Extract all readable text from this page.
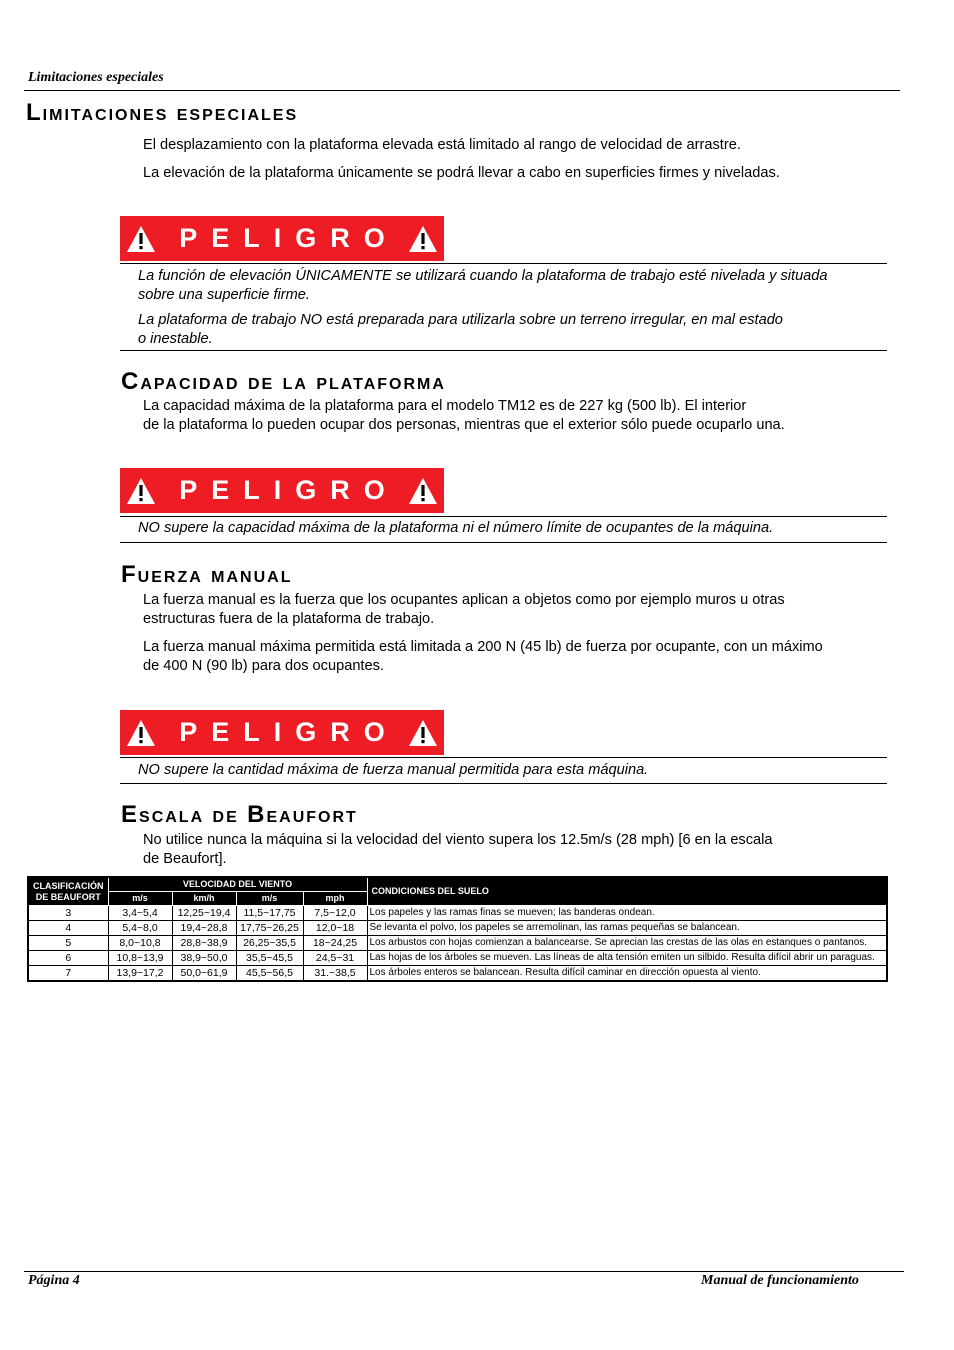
Limitaciones especiales
Limitaciones especiales
El desplazamiento con la plataforma elevada está limitado al rango de velocidad de arrastre.
La elevación de la plataforma únicamente se podrá llevar a cabo en superficies firmes y niveladas.
PELIGRO
La función de elevación ÚNICAMENTE se utilizará cuando la plataforma de trabajo esté nivelada y situada
sobre una superficie firme.
La plataforma de trabajo NO está preparada para utilizarla sobre un terreno irregular, en mal estado
o inestable.
Capacidad de la plataforma
La capacidad máxima de la plataforma para el modelo TM12 es de 227 kg (500 lb). El interior
de la plataforma lo pueden ocupar dos personas, mientras que el exterior sólo puede ocuparlo una.
PELIGRO
NO supere la capacidad máxima de la plataforma ni el número límite de ocupantes de la máquina.
Fuerza manual
La fuerza manual es la fuerza que los ocupantes aplican a objetos como por ejemplo muros u otras
estructuras fuera de la plataforma de trabajo.
La fuerza manual máxima permitida está limitada a 200 N (45 lb) de fuerza por ocupante, con un máximo
de 400 N (90 lb) para dos ocupantes.
PELIGRO
NO supere la cantidad máxima de fuerza manual permitida para esta máquina.
Escala de Beaufort
No utilice nunca la máquina si la velocidad del viento supera los 12.5m/s (28 mph) [6 en la escala
de Beaufort].
CLASIFICACIÓN
DE BEAUFORT	VELOCIDAD DEL VIENTO				CONDICIONES DEL SUELO
	m/s	km/h	m/s	mph	
3	3,4~5,4	12,25~19,4	11,5~17,75	7,5~12,0	Los papeles y las ramas finas se mueven; las banderas ondean.
4	5,4~8,0	19,4~28,8	17,75~26,25	12,0~18	Se levanta el polvo, los papeles se arremolinan, las ramas pequeñas se balancean.
5	8,0~10,8	28,8~38,9	26,25~35,5	18~24,25	Los arbustos con hojas comienzan a balancearse. Se aprecian las crestas de las olas en estanques o pantanos.
6	10,8~13,9	38,9~50,0	35,5~45,5	24,5~31	Las hojas de los árboles se mueven. Las líneas de alta tensión emiten un silbido. Resulta difícil abrir un paraguas.
7	13,9~17,2	50,0~61,9	45,5~56,5	31.~38,5	Los árboles enteros se balancean. Resulta difícil caminar en dirección opuesta al viento.
Página 4	Manual de funcionamiento
